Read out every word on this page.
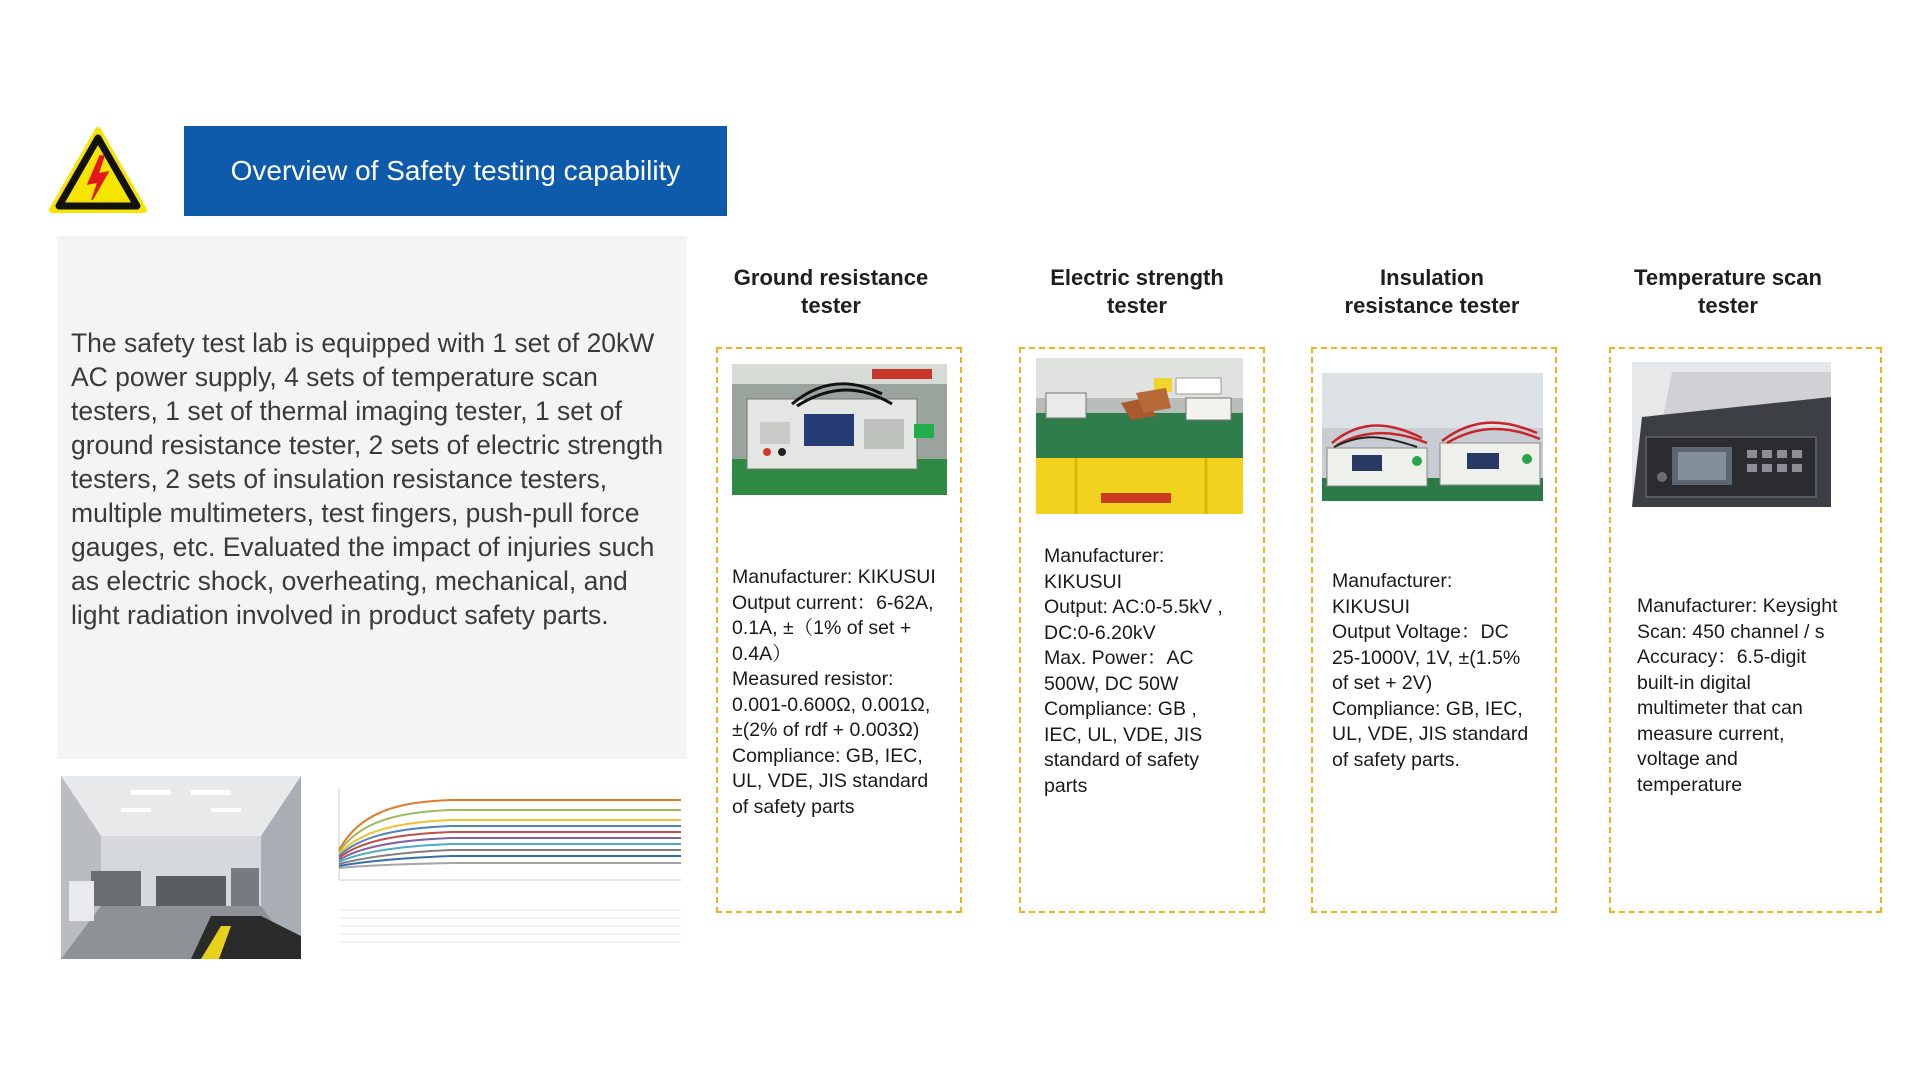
Overview of Safety testing capability
The safety test lab is equipped with 1 set of 20kW AC power supply, 4 sets of temperature scan testers, 1 set of thermal imaging tester, 1 set of ground resistance tester, 2 sets of electric strength testers, 2 sets of insulation resistance testers, multiple multimeters, test fingers, push-pull force gauges, etc. Evaluated the impact of injuries such as electric shock, overheating, mechanical, and light radiation involved in product safety parts.
Ground resistance
tester
Manufacturer: KIKUSUI
Output current：6-62A,
0.1A, ±（1% of set +
0.4A）
Measured resistor:
0.001-0.600Ω, 0.001Ω,
±(2% of rdf + 0.003Ω)
Compliance: GB, IEC,
UL, VDE, JIS standard
of safety parts
Electric strength
tester
Manufacturer:
KIKUSUI
Output: AC:0-5.5kV ,
DC:0-6.20kV
Max. Power：AC
500W, DC 50W
Compliance: GB ,
IEC, UL, VDE, JIS
standard of safety
parts
Insulation
resistance tester
Manufacturer:
KIKUSUI
Output Voltage：DC
25-1000V, 1V, ±(1.5%
of set + 2V)
Compliance: GB, IEC,
UL, VDE, JIS standard
of safety parts.
Temperature scan
tester
Manufacturer: Keysight
Scan: 450 channel / s
Accuracy：6.5-digit
built-in digital
multimeter that can
measure current,
voltage and
temperature
